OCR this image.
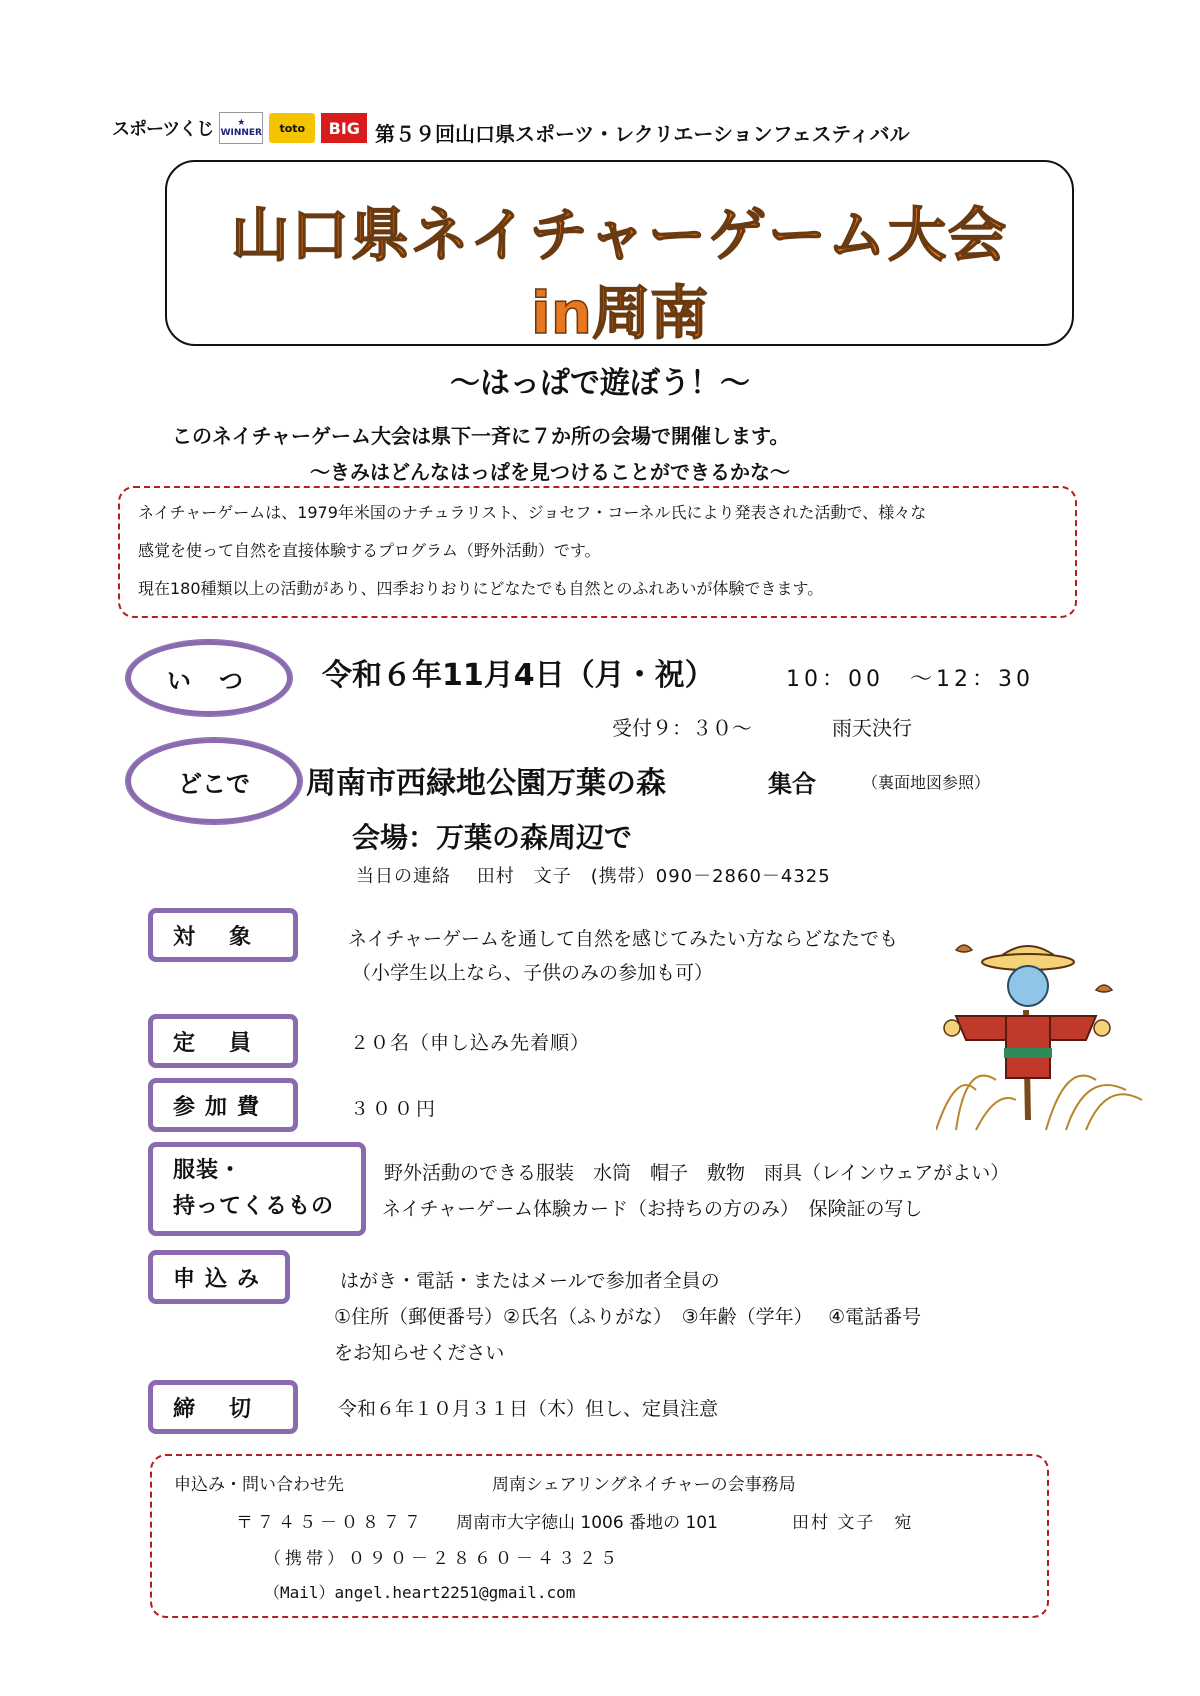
スポーツくじ	★
WINNER	toto	BIG 第５９回山口県スポーツ・レクリエーションフェスティバル
山口県ネイチャーゲーム大会
in周南
～はっぱで遊ぼう！～
このネイチャーゲーム大会は県下一斉に７か所の会場で開催します。
～きみはどんなはっぱを見つけることができるかな～
ネイチャーゲームは、1979年米国のナチュラリスト、ジョセフ・コーネル氏により発表された活動で、様々な
感覚を使って自然を直接体験するプログラム（野外活動）です。
現在180種類以上の活動があり、四季おりおりにどなたでも自然とのふれあいが体験できます。
いつ	令和６年11月4日（月・祝）	10：00　～12：30
受付９：３０～	雨天決行
どこで	周南市西緑地公園万葉の森	集合	（裏面地図参照）
会場：万葉の森周辺で
当日の連絡　 田村　文子　(携帯）090－2860－4325
対象	ネイチャーゲームを通して自然を感じてみたい方ならどなたでも
（小学生以上なら、子供のみの参加も可）
定員	２０名（申し込み先着順）
参加費	３００円
服装・
持ってくるもの
野外活動のできる服装　水筒　帽子　敷物　雨具（レインウェアがよい）
ネイチャーゲーム体験カード（お持ちの方のみ）　保険証の写し
申込み	はがき・電話・またはメールで参加者全員の
①住所（郵便番号）②氏名（ふりがな）　③年齢（学年）　 ④電話番号
をお知らせください
締切	令和６年１０月３１日（木）但し、定員注意
申込み・問い合わせ先	周南シェアリングネイチャーの会事務局
〒７４５－０８７７ 周南市大字徳山 1006 番地の 101	田村 文子　宛
（携帯）０９０－２８６０－４３２５
（Mail）angel.heart2251@gmail.com
